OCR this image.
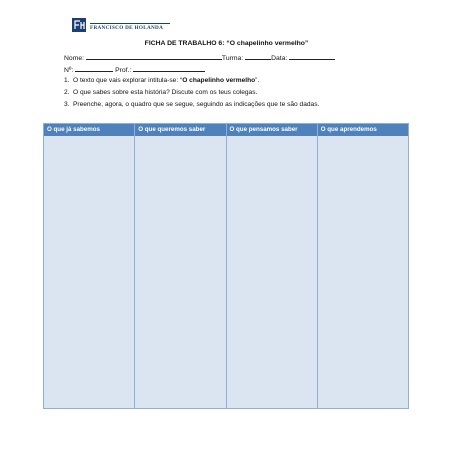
FRANCISCO DE HOLANDA
FICHA DE TRABALHO 6: “O chapelinho vermelho”
Nome:	Turma:	Data:
Nº:	Prof.:
1. O texto que vais explorar intitula-se: “O chapelinho vermelho”.
2. O que sabes sobre esta história? Discute com os teus colegas.
3. Preenche, agora, o quadro que se segue, seguindo as indicações que te são dadas.
O que já sabemos	O que queremos saber	O que pensamos saber	O que aprendemos
